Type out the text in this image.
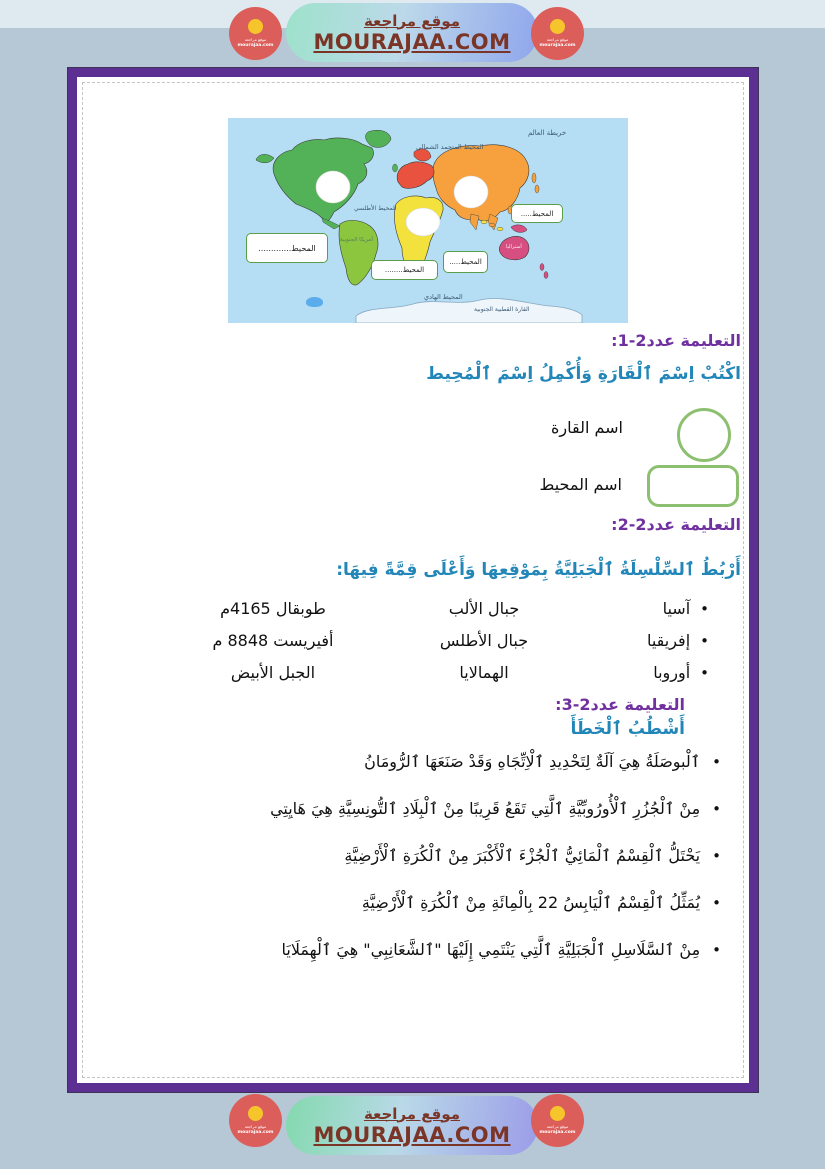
موقع مراجعة
MOURAJAA.COM
موقع مراجعة
mourajaa.com
موقع مراجعة
mourajaa.com
خريطة العالم
المحيط المتجمد الشمالي
المحيط الأطلسي
أمريكا الجنوبية
أستراليا
المحيط الهادي
القارة القطبية الجنوبية
المحيط.............
المحيط........
المحيط.....
المحيط.....
التعليمة عدد2-1:
اكْتُبْ اِسْمَ ٱلْقَارَةِ وَأُكْمِلُ اِسْمَ ٱلْمُحِيط
اسم القارة
اسم المحيط
التعليمة عدد2-2:
أَرْبُطُ ٱلسِّلْسِلَةُ ٱلْجَبَلِيَّةُ بِمَوْقِعِهَا وَأَعْلَى قِمَّةً فِيهَا:
• آسيا
جبال الألب
طوبقال 4165م
• إفريقيا
جبال الأطلس
أفيريست 8848 م
• أوروبا
الهمالايا
الجبل الأبيض
التعليمة عدد2-3:
أَشْطُبُ ٱلْخَطَأَ
• ٱلْبوصَلَةُ هِيَ آلَةٌ لِتَحْدِيدِ ٱلْاِتِّجَاهِ وَقَدْ صَنَعَهَا ٱلرُّومَانُ
• مِنْ ٱلْجُزُرِ ٱلْأُورُوبِّيَّةِ ٱلَّتِي تَقَعُ قَرِيبًا مِنْ ٱلْبِلَادِ ٱلتُّونِسِيَّةِ هِيَ هَايِتِي
• يَحْتَلُّ ٱلْقِسْمُ ٱلْمَائِيُّ ٱلْجُزْءَ ٱلْأَكْبَرَ مِنْ ٱلْكُرَةِ ٱلْأَرْضِيَّةِ
• يُمَثِّلُ ٱلْقِسْمُ ٱلْيَابِسُ 22 بِالْمِائَةِ مِنْ ٱلْكُرَةِ ٱلْأَرْضِيَّةِ
• مِنْ ٱلسَّلَاسِلِ ٱلْجَبَلِيَّةِ ٱلَّتِي يَنْتَمِي إِلَيْهَا "ٱلشَّعَانِبِي" هِيَ ٱلْهِمَلَايَا
موقع مراجعة
MOURAJAA.COM
موقع مراجعة
mourajaa.com
موقع مراجعة
mourajaa.com
